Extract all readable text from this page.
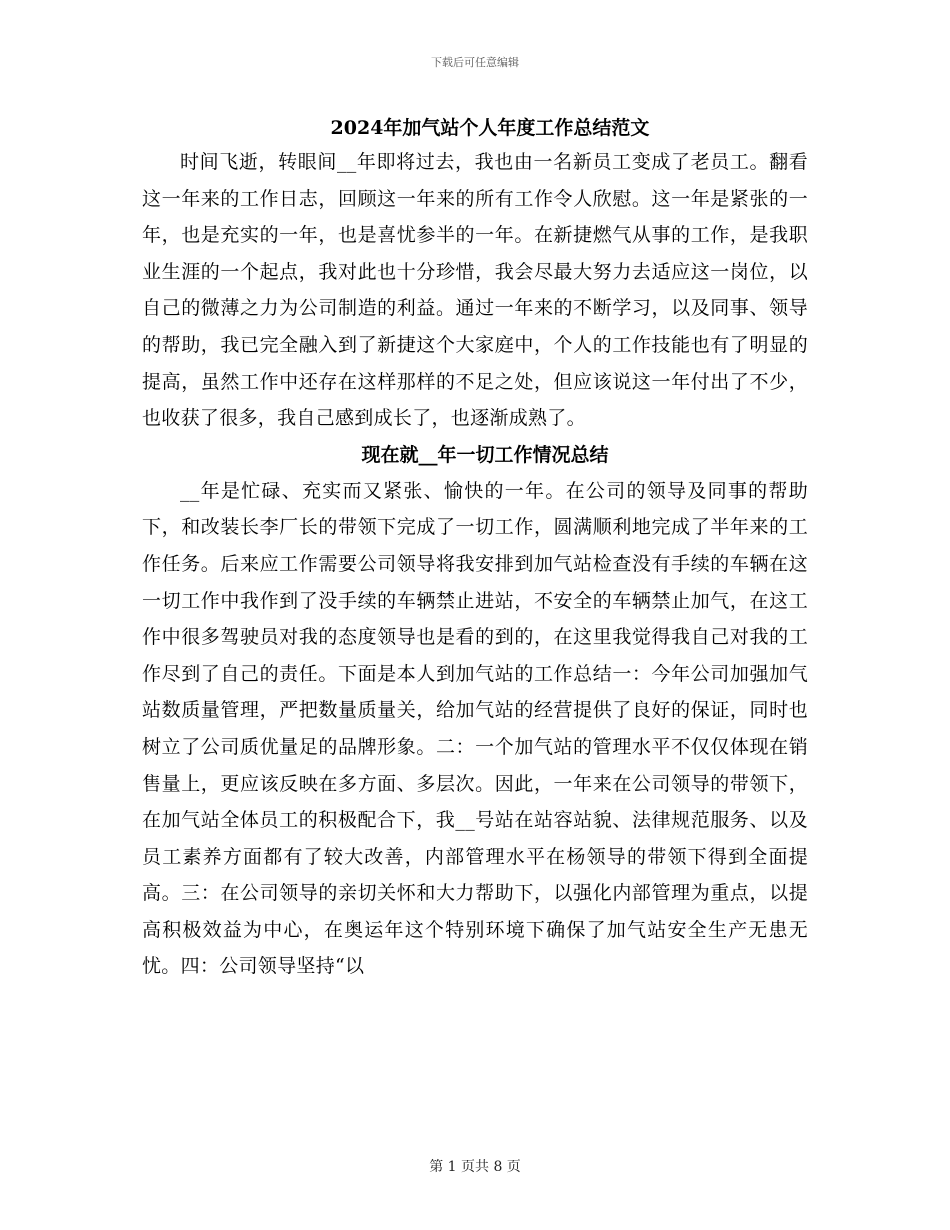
下载后可任意编辑
2024年加气站个人年度工作总结范文

时间飞逝，转眼间__年即将过去，我也由一名新员工变成了老员工。翻看这一年来的工作日志，回顾这一年来的所有工作令人欣慰。这一年是紧张的一年，也是充实的一年，也是喜忧参半的一年。在新捷燃气从事的工作，是我职业生涯的一个起点，我对此也十分珍惜，我会尽最大努力去适应这一岗位，以自己的微薄之力为公司制造的利益。通过一年来的不断学习，以及同事、领导的帮助，我已完全融入到了新捷这个大家庭中，个人的工作技能也有了明显的提高，虽然工作中还存在这样那样的不足之处，但应该说这一年付出了不少，也收获了很多，我自己感到成长了，也逐渐成熟了。

现在就__年一切工作情况总结

__年是忙碌、充实而又紧张、愉快的一年。在公司的领导及同事的帮助下，和改装长李厂长的带领下完成了一切工作，圆满顺利地完成了半年来的工作任务。后来应工作需要公司领导将我安排到加气站检查没有手续的车辆在这一切工作中我作到了没手续的车辆禁止进站，不安全的车辆禁止加气，在这工作中很多驾驶员对我的态度领导也是看的到的，在这里我觉得我自己对我的工作尽到了自己的责任。下面是本人到加气站的工作总结一：今年公司加强加气站数质量管理，严把数量质量关，给加气站的经营提供了良好的保证，同时也树立了公司质优量足的品牌形象。二：一个加气站的管理水平不仅仅体现在销售量上，更应该反映在多方面、多层次。因此，一年来在公司领导的带领下，在加气站全体员工的积极配合下，我__号站在站容站貌、法律规范服务、以及员工素养方面都有了较大改善，内部管理水平在杨领导的带领下得到全面提高。三：在公司领导的亲切关怀和大力帮助下，以强化内部管理为重点，以提高积极效益为中心，在奥运年这个特别环境下确保了加气站安全生产无患无忧。四：公司领导坚持“以

第 1 页共 8 页
